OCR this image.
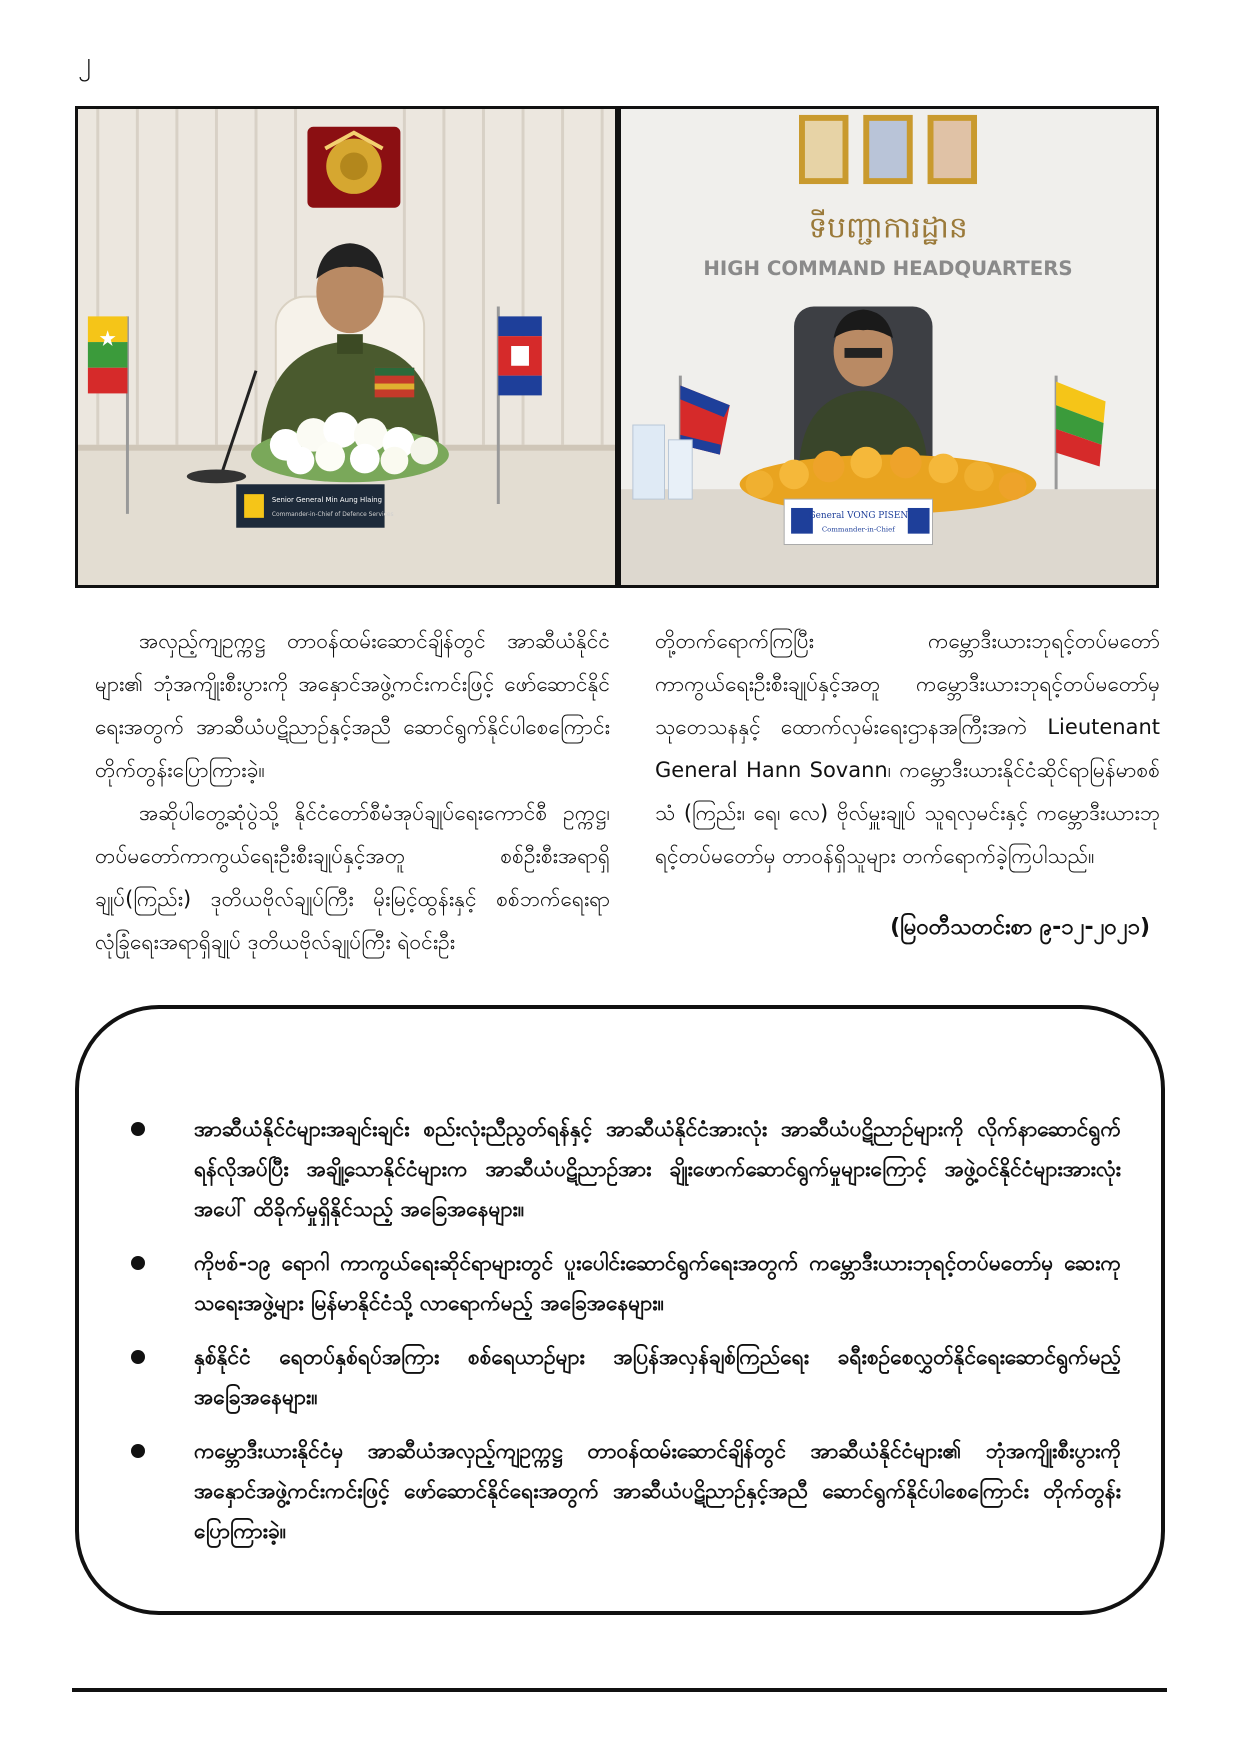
၂
Senior General Min Aung Hlaing
Commander-in-Chief of Defence Services
ទីបញ្ជាការដ្ឋាន
HIGH COMMAND HEADQUARTERS
General VONG PISEN
Commander-in-Chief

အလှည့်ကျဥက္ကဋ္ဌ တာဝန်ထမ်းဆောင်ချိန်တွင် အာဆီယံနိုင်ငံများ၏ ဘုံအကျိုးစီးပွားကို အနှောင်အဖွဲ့ကင်းကင်းဖြင့် ဖော်ဆောင်နိုင်ရေးအတွက် အာဆီယံပဋိညာဉ်နှင့်အညီ ဆောင်ရွက်နိုင်ပါစေကြောင်း တိုက်တွန်းပြောကြားခဲ့။

အဆိုပါတွေ့ဆုံပွဲသို့ နိုင်ငံတော်စီမံအုပ်ချုပ်ရေးကောင်စီ ဥက္ကဋ္ဌ၊ တပ်မတော်ကာကွယ်ရေးဦးစီးချုပ်နှင့်အတူ စစ်ဦးစီးအရာရှိချုပ်(ကြည်း) ဒုတိယဗိုလ်ချုပ်ကြီး မိုးမြင့်ထွန်းနှင့် စစ်ဘက်ရေးရာလုံခြုံရေးအရာရှိချုပ် ဒုတိယဗိုလ်ချုပ်ကြီး ရဲဝင်းဦး

တို့တက်ရောက်ကြပြီး ကမ္ဘောဒီးယားဘုရင့်တပ်မတော်ကာကွယ်ရေးဦးစီးချုပ်နှင့်အတူ ကမ္ဘောဒီးယားဘုရင့်တပ်မတော်မှ သုတေသနနှင့် ထောက်လှမ်းရေးဌာနအကြီးအကဲ Lieutenant General Hann Sovann၊ ကမ္ဘောဒီးယားနိုင်ငံဆိုင်ရာမြန်မာစစ်သံ (ကြည်း၊ ရေ၊ လေ) ဗိုလ်မှူးချုပ် သူရလှမင်းနှင့် ကမ္ဘောဒီးယားဘုရင့်တပ်မတော်မှ တာဝန်ရှိသူများ တက်ရောက်ခဲ့ကြပါသည်။

(မြဝတီသတင်းစာ ၉-၁၂-၂၀၂၁)
အာဆီယံနိုင်ငံများအချင်းချင်း စည်းလုံးညီညွတ်ရန်နှင့် အာဆီယံနိုင်ငံအားလုံး အာဆီယံပဋိညာဉ်များကို လိုက်နာဆောင်ရွက်ရန်လိုအပ်ပြီး အချို့သောနိုင်ငံများက အာဆီယံပဋိညာဉ်အား ချိုးဖောက်ဆောင်ရွက်မှုများကြောင့် အဖွဲ့ဝင်နိုင်ငံများအားလုံးအပေါ် ထိခိုက်မှုရှိနိုင်သည့် အခြေအနေများ။
ကိုဗစ်-၁၉ ရောဂါ ကာကွယ်ရေးဆိုင်ရာများတွင် ပူးပေါင်းဆောင်ရွက်ရေးအတွက် ကမ္ဘောဒီးယားဘုရင့်တပ်မတော်မှ ဆေးကုသရေးအဖွဲ့များ မြန်မာနိုင်ငံသို့ လာရောက်မည့် အခြေအနေများ။
နှစ်နိုင်ငံ ရေတပ်နှစ်ရပ်အကြား စစ်ရေယာဉ်များ အပြန်အလှန်ချစ်ကြည်ရေး ခရီးစဉ်စေလွှတ်နိုင်ရေးဆောင်ရွက်မည့် အခြေအနေများ။
ကမ္ဘောဒီးယားနိုင်ငံမှ အာဆီယံအလှည့်ကျဥက္ကဋ္ဌ တာဝန်ထမ်းဆောင်ချိန်တွင် အာဆီယံနိုင်ငံများ၏ ဘုံအကျိုးစီးပွားကို အနှောင်အဖွဲ့ကင်းကင်းဖြင့် ဖော်ဆောင်နိုင်ရေးအတွက် အာဆီယံပဋိညာဉ်နှင့်အညီ ဆောင်ရွက်နိုင်ပါစေကြောင်း တိုက်တွန်းပြောကြားခဲ့။
